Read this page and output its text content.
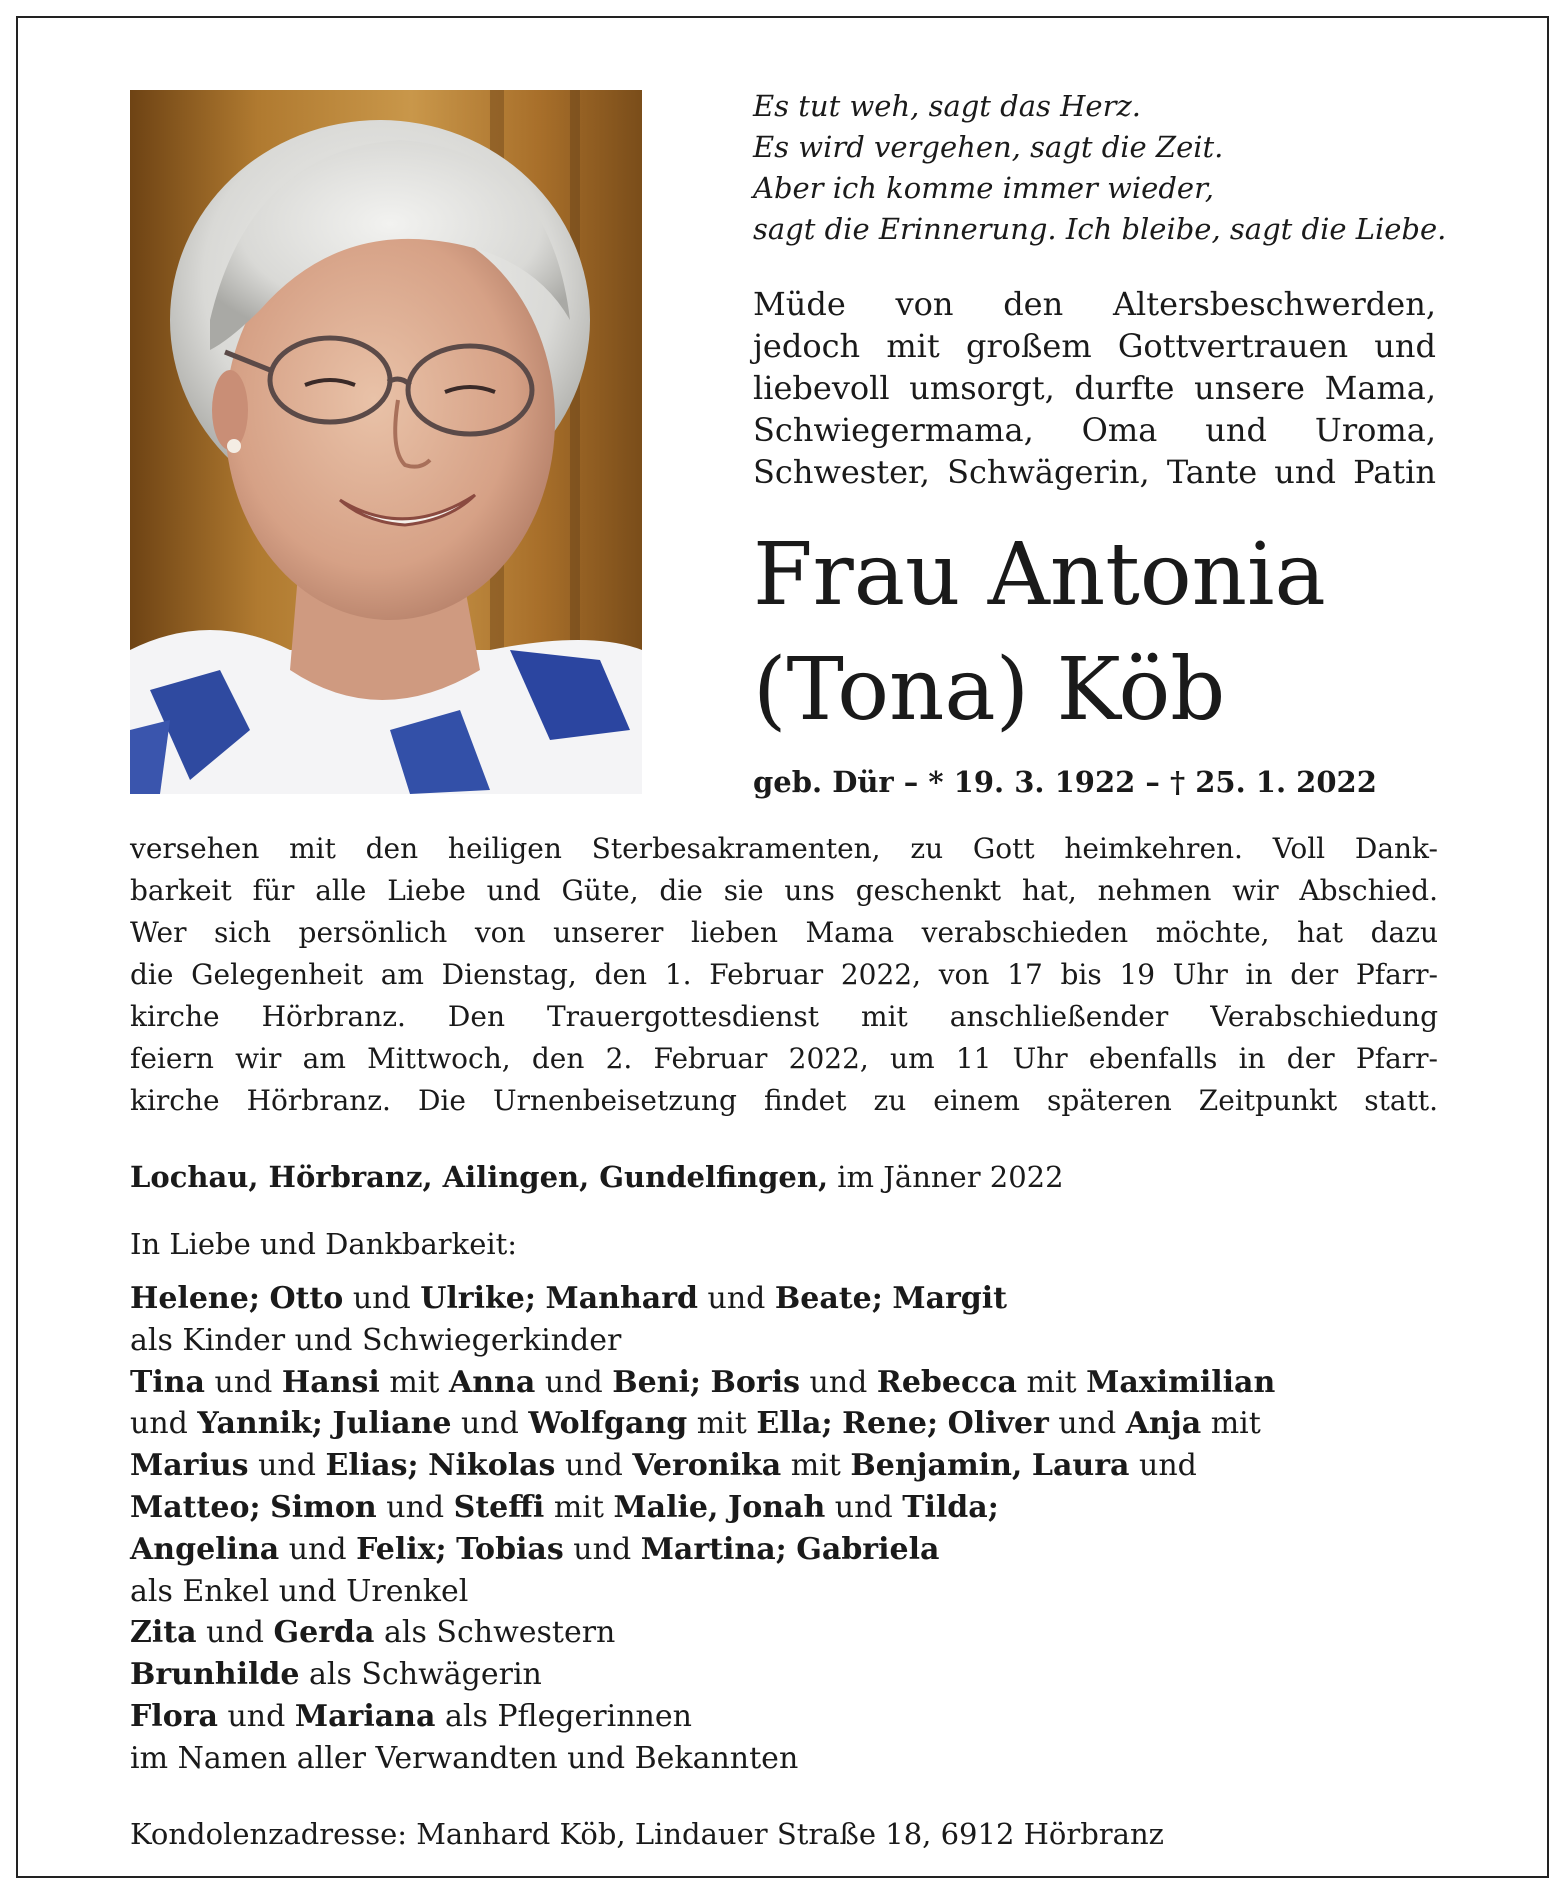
Es tut weh, sagt das Herz.
Es wird vergehen, sagt die Zeit.
Aber ich komme immer wieder,
sagt die Erinnerung. Ich bleibe, sagt die Liebe.
Müde von den Altersbeschwerden,
jedoch mit großem Gottvertrauen und
liebevoll umsorgt, durfte unsere Mama,
Schwiegermama, Oma und Uroma,
Schwester, Schwägerin, Tante und Patin
Frau Antonia
(Tona) Köb
geb. Dür – * 19. 3. 1922 – † 25. 1. 2022
versehen mit den heiligen Sterbesakramenten, zu Gott heimkehren. Voll Dank-
barkeit für alle Liebe und Güte, die sie uns geschenkt hat, nehmen wir Abschied.
Wer sich persönlich von unserer lieben Mama verabschieden möchte, hat dazu
die Gelegenheit am Dienstag, den 1. Februar 2022, von 17 bis 19 Uhr in der Pfarr-
kirche Hörbranz. Den Trauergottesdienst mit anschließender Verabschiedung
feiern wir am Mittwoch, den 2. Februar 2022, um 11 Uhr ebenfalls in der Pfarr-
kirche Hörbranz. Die Urnenbeisetzung findet zu einem späteren Zeitpunkt statt.
Lochau, Hörbranz, Ailingen, Gundelfingen, im Jänner 2022
In Liebe und Dankbarkeit:
Helene; Otto und Ulrike; Manhard und Beate; Margit
als Kinder und Schwiegerkinder
Tina und Hansi mit Anna und Beni; Boris und Rebecca mit Maximilian
und Yannik; Juliane und Wolfgang mit Ella; Rene; Oliver und Anja mit
Marius und Elias; Nikolas und Veronika mit Benjamin, Laura und
Matteo; Simon und Steffi mit Malie, Jonah und Tilda;
Angelina und Felix; Tobias und Martina; Gabriela
als Enkel und Urenkel
Zita und Gerda als Schwestern
Brunhilde als Schwägerin
Flora und Mariana als Pflegerinnen
im Namen aller Verwandten und Bekannten
Kondolenzadresse: Manhard Köb, Lindauer Straße 18, 6912 Hörbranz
